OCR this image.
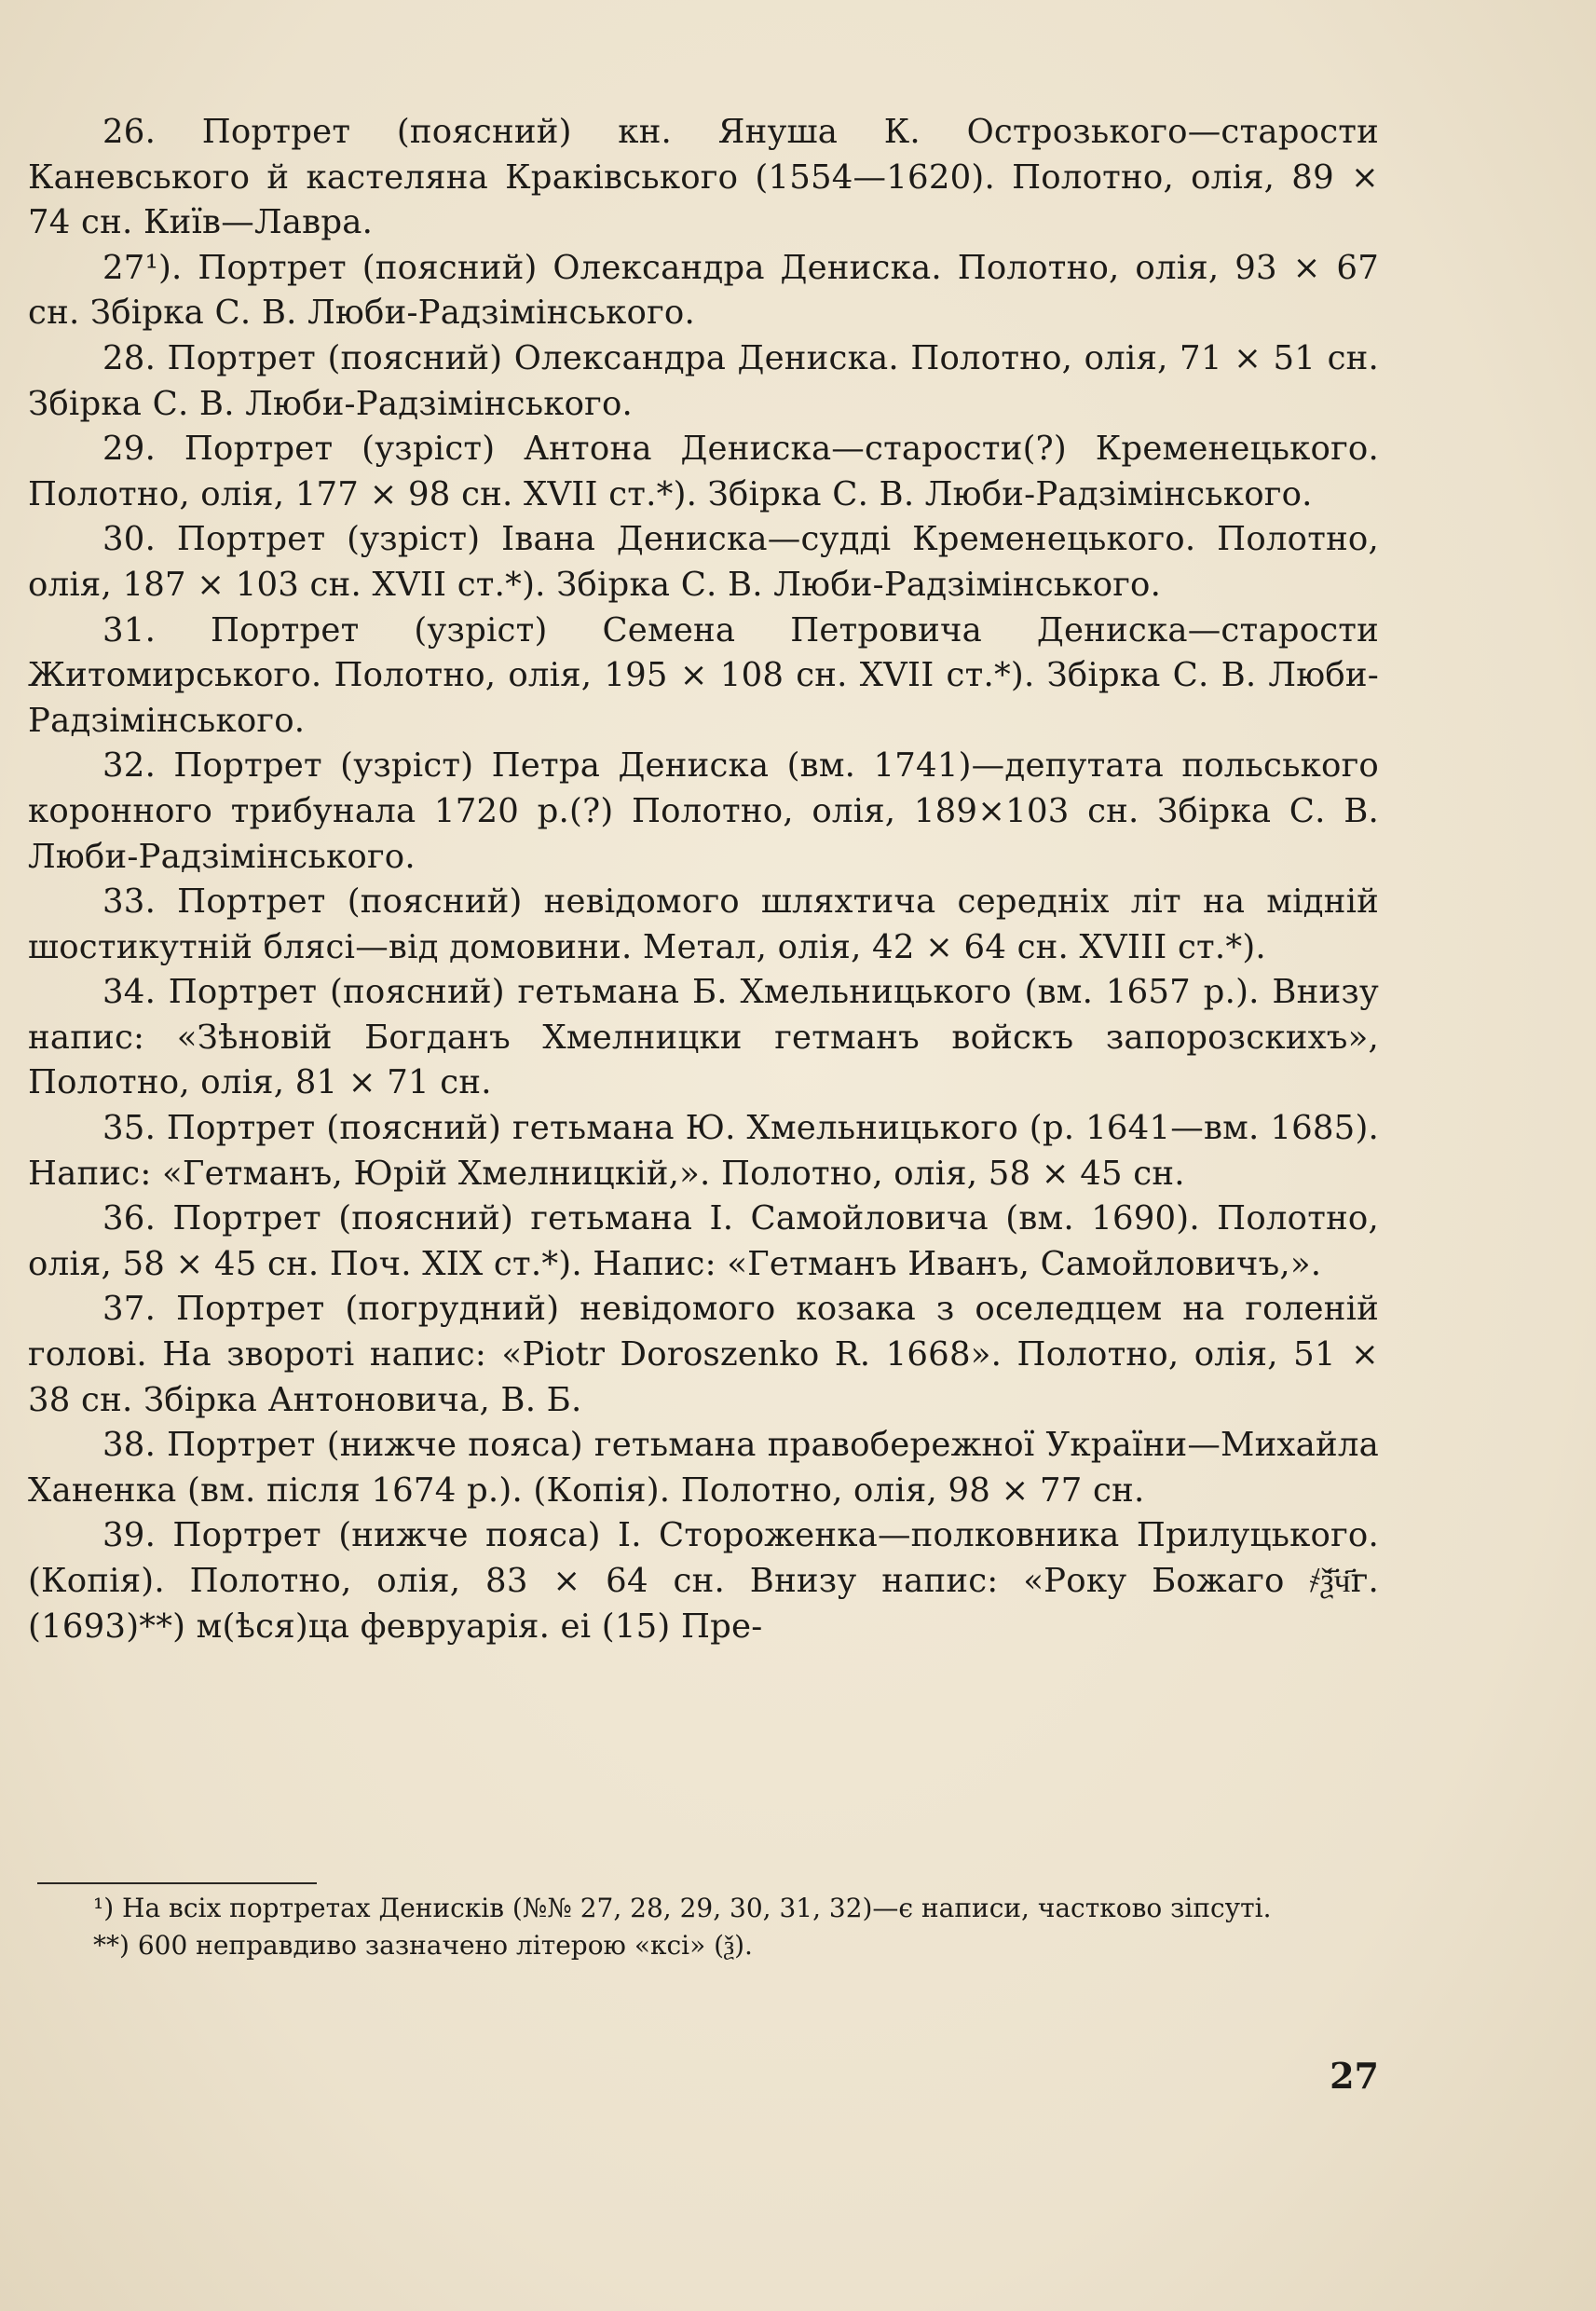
26. Портрет (поясний) кн. Януша К. Острозького—старости Каневського й кастеляна Краківського (1554—1620). Полотно, олія, 89 × 74 сн. Київ—Лавра.

27¹). Портрет (поясний) Олександра Дениска. Полотно, олія, 93 × 67 сн. Збірка С. В. Люби-Радзімінського.

28. Портрет (поясний) Олександра Дениска. Полотно, олія, 71 × 51 сн. Збірка С. В. Люби-Радзімінського.

29. Портрет (узріст) Антона Дениска—старости(?) Кременецького. Полотно, олія, 177 × 98 сн. XVII ст.*). Збірка С. В. Люби-Радзімінського.

30. Портрет (узріст) Івана Дениска—судді Кременецького. Полотно, олія, 187 × 103 сн. XVII ст.*). Збірка С. В. Люби-Радзімінського.

31. Портрет (узріст) Семена Петровича Дениска—старости Житомирського. Полотно, олія, 195 × 108 сн. XVII ст.*). Збірка С. В. Люби-Радзімінського.

32. Портрет (узріст) Петра Дениска (вм. 1741)—депутата польського коронного трибунала 1720 р.(?) Полотно, олія, 189×103 сн. Збірка С. В. Люби-Радзімінського.

33. Портрет (поясний) невідомого шляхтича середніх літ на мідній шостикутній бляcі—від домовини. Метал, олія, 42 × 64 сн. XVIII ст.*).

34. Портрет (поясний) гетьмана Б. Хмельницького (вм. 1657 р.). Внизу напис: «Зѣновій Богданъ Хмелницки гетманъ войскъ запорозскихъ», Полотно, олія, 81 × 71 сн.

35. Портрет (поясний) гетьмана Ю. Хмельницького (р. 1641—вм. 1685). Напис: «Гетманъ, Юрій Хмелницкій,». Полотно, олія, 58 × 45 сн.

36. Портрет (поясний) гетьмана І. Самойловича (вм. 1690). Полотно, олія, 58 × 45 сн. Поч. XIX ст.*). Напис: «Гетманъ Иванъ, Самойловичъ,».

37. Портрет (погрудний) невідомого козака з оселедцем на голеній голові. На звороті напис: «Piotr Doroszenko R. 1668». Полотно, олія, 51 × 38 сн. Збірка Антоновича, В. Б.

38. Портрет (нижче пояса) гетьмана правобережної України—Михайла Ханенка (вм. після 1674 р.). (Копія). Полотно, олія, 98 × 77 сн.

39. Портрет (нижче пояса) І. Стороженка—полковника Прилуцького. (Копія). Полотно, олія, 83 × 64 сн. Внизу напис: «Року Божаго ҂ѯ҃ч҃г. (1693)**) м(ѣся)ца февруарія. еі (15) Пре-

¹) На всіх портретах Денисків (№№ 27, 28, 29, 30, 31, 32)—є написи, частково зіпсуті.

**) 600 неправдиво зазначено літерою «ксі» (ѯ).

27
